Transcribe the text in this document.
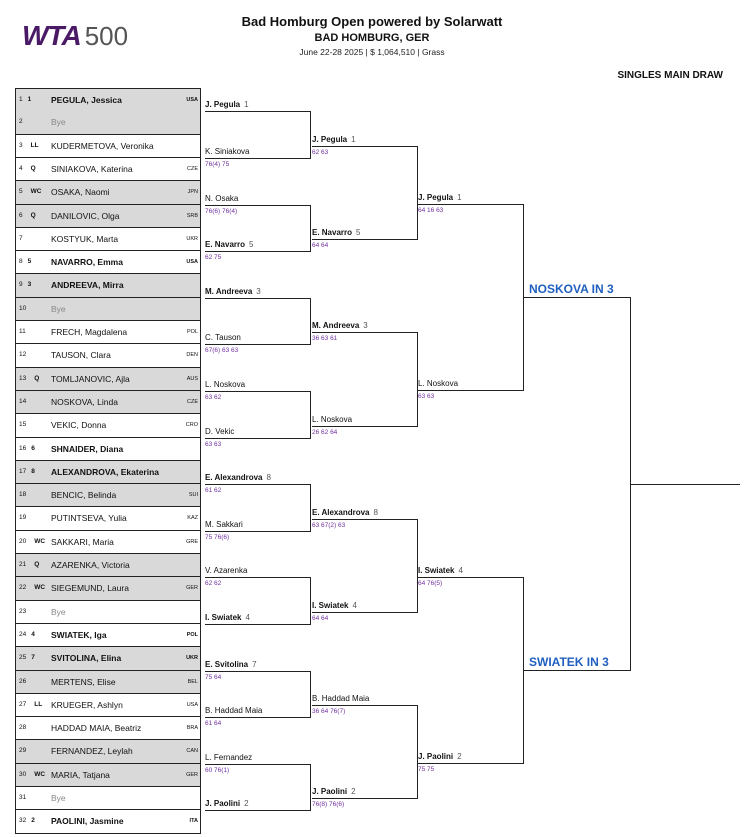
WTA 500	Bad Homburg Open powered by Solarwatt
BAD HOMBURG, GER
June 22-28 2025 | $ 1,064,510 | Grass
SINGLES MAIN DRAW
1 1	PEGULA, Jessica	USA
2	Bye
3 LL KUDERMETOVA, Veronika
4 Q	SINIAKOVA, Katerina	CZE
5 WC OSAKA, Naomi	JPN
6 Q	DANILOVIC, Olga	SRB
7	KOSTYUK, Marta	UKR
8 5	NAVARRO, Emma	USA
9 3	ANDREEVA, Mirra
10	Bye
11	FRECH, Magdalena	POL
12	TAUSON, Clara	DEN
13 Q TOMLJANOVIC, Ajla	AUS
14	NOSKOVA, Linda	CZE
15	VEKIC, Donna	CRO
16 6	SHNAIDER, Diana
17 8	ALEXANDROVA, Ekaterina
18	BENCIC, Belinda	SUI
19	PUTINTSEVA, Yulia	KAZ
20 WC SAKKARI, Maria	GRE
21 Q AZARENKA, Victoria
22 WC SIEGEMUND, Laura	GER
23	Bye
24 4	SWIATEK, Iga	POL
25 7	SVITOLINA, Elina	UKR
26	MERTENS, Elise	BEL
27 LL KRUEGER, Ashlyn	USA
28	HADDAD MAIA, Beatriz	BRA
29	FERNANDEZ, Leylah	CAN
30 WC MARIA, Tatjana	GER
31	Bye
32 2	PAOLINI, Jasmine	ITA
J. Pegula 1
K. Siniakova
76(4) 75
N. Osaka
76(6) 76(4)
E. Navarro 5
62 75
M. Andreeva 3
C. Tauson
67(6) 63 63
L. Noskova
63 62
D. Vekic
63 63
E. Alexandrova 8
61 62
M. Sakkari
75 76(6)
V. Azarenka
62 62
I. Swiatek 4
E. Svitolina 7
75 64
B. Haddad Maia
61 64
L. Fernandez
60 76(1)
J. Paolini 2
J. Pegula 1
62 63
E. Navarro 5
64 64
M. Andreeva 3
36 63 61
L. Noskova
26 62 64
E. Alexandrova 8
63 67(2) 63
I. Swiatek 4
64 64
B. Haddad Maia
36 64 76(7)
J. Paolini 2
76(8) 76(6)
J. Pegula 1
64 16 63
L. Noskova
63 63
I. Swiatek 4
64 76(5)
J. Paolini 2
75 75
NOSKOVA IN 3
SWIATEK IN 3
